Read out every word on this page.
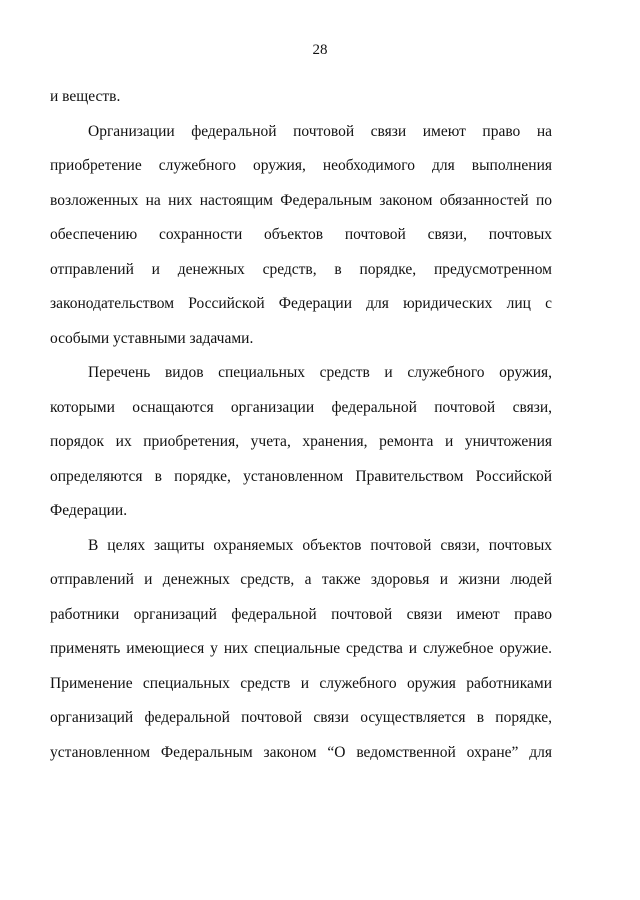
28
и веществ.
Организации федеральной почтовой связи имеют право на
приобретение служебного оружия, необходимого для выполнения
возложенных на них настоящим Федеральным законом обязанностей по
обеспечению сохранности объектов почтовой связи, почтовых
отправлений и денежных средств, в порядке, предусмотренном
законодательством Российской Федерации для юридических лиц с
особыми уставными задачами.
Перечень видов специальных средств и служебного оружия,
которыми оснащаются организации федеральной почтовой связи,
порядок их приобретения, учета, хранения, ремонта и уничтожения
определяются в порядке, установленном Правительством Российской
Федерации.
В целях защиты охраняемых объектов почтовой связи, почтовых
отправлений и денежных средств, а также здоровья и жизни людей
работники организаций федеральной почтовой связи имеют право
применять имеющиеся у них специальные средства и служебное оружие.
Применение специальных средств и служебного оружия работниками
организаций федеральной почтовой связи осуществляется в порядке,
установленном Федеральным законом “О ведомственной охране” для
